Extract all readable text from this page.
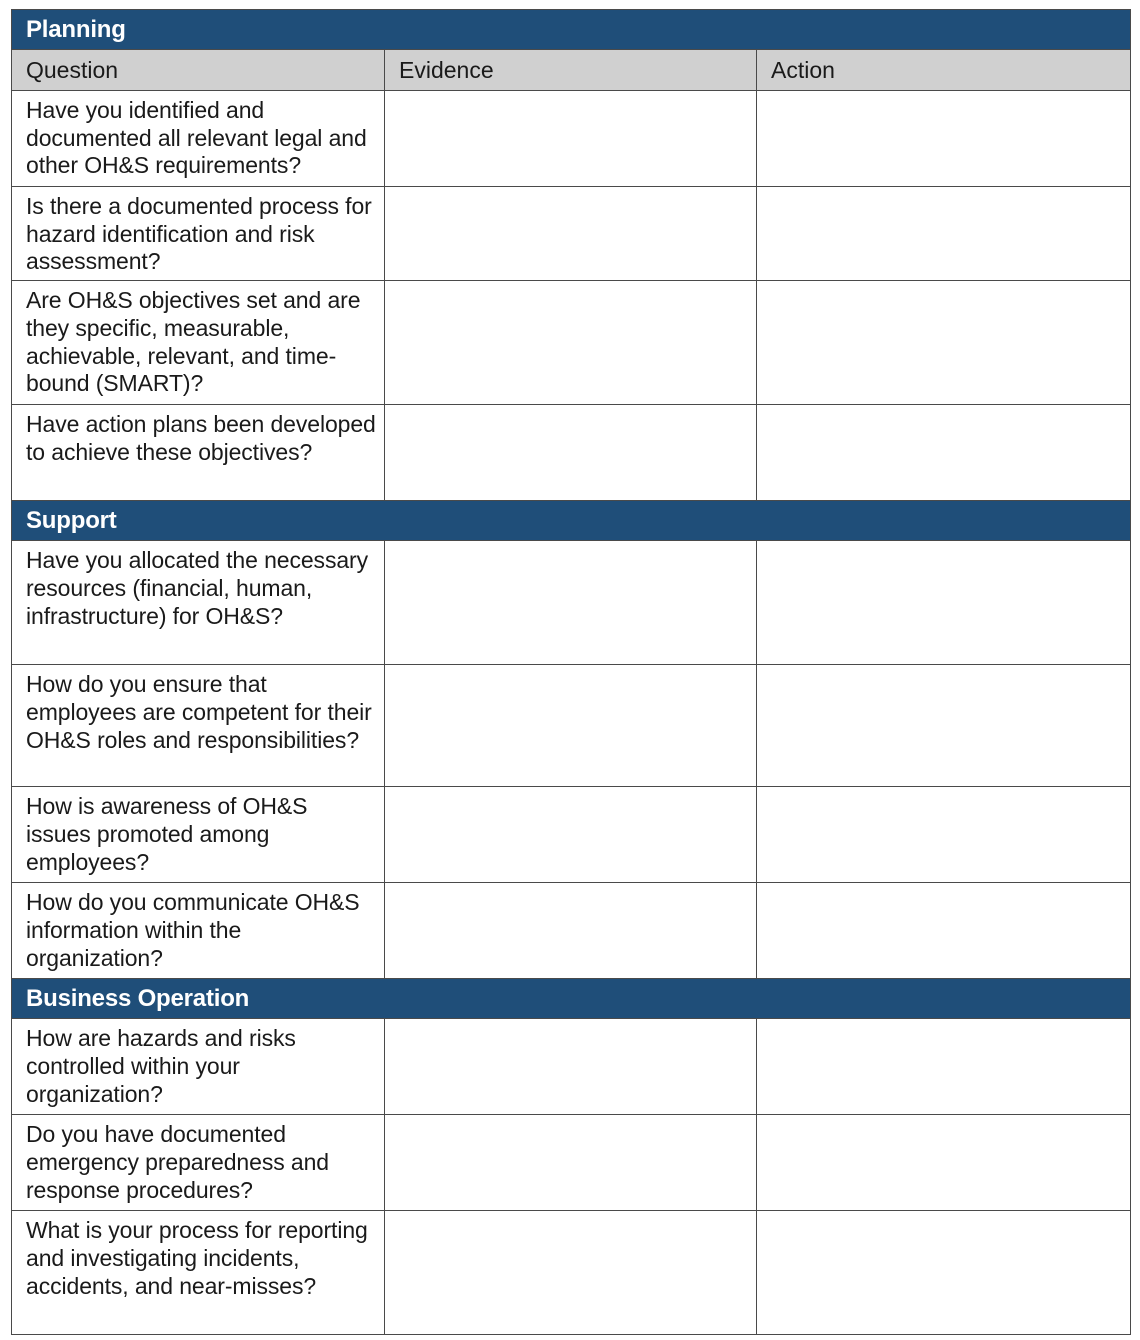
Planning		
Question	Evidence	Action
Have you identified and documented all relevant legal and other OH&S requirements?		
Is there a documented process for hazard identification and risk assessment?		
Are OH&S objectives set and are they specific, measurable, achievable, relevant, and time-bound (SMART)?		
Have action plans been developed to achieve these objectives?		
Support		
Have you allocated the necessary resources (financial, human, infrastructure) for OH&S?		
How do you ensure that employees are competent for their OH&S roles and responsibilities?		
How is awareness of OH&S issues promoted among employees?		
How do you communicate OH&S information within the organization?		
Business Operation		
How are hazards and risks controlled within your organization?		
Do you have documented emergency preparedness and response procedures?		
What is your process for reporting and investigating incidents, accidents, and near-misses?		
